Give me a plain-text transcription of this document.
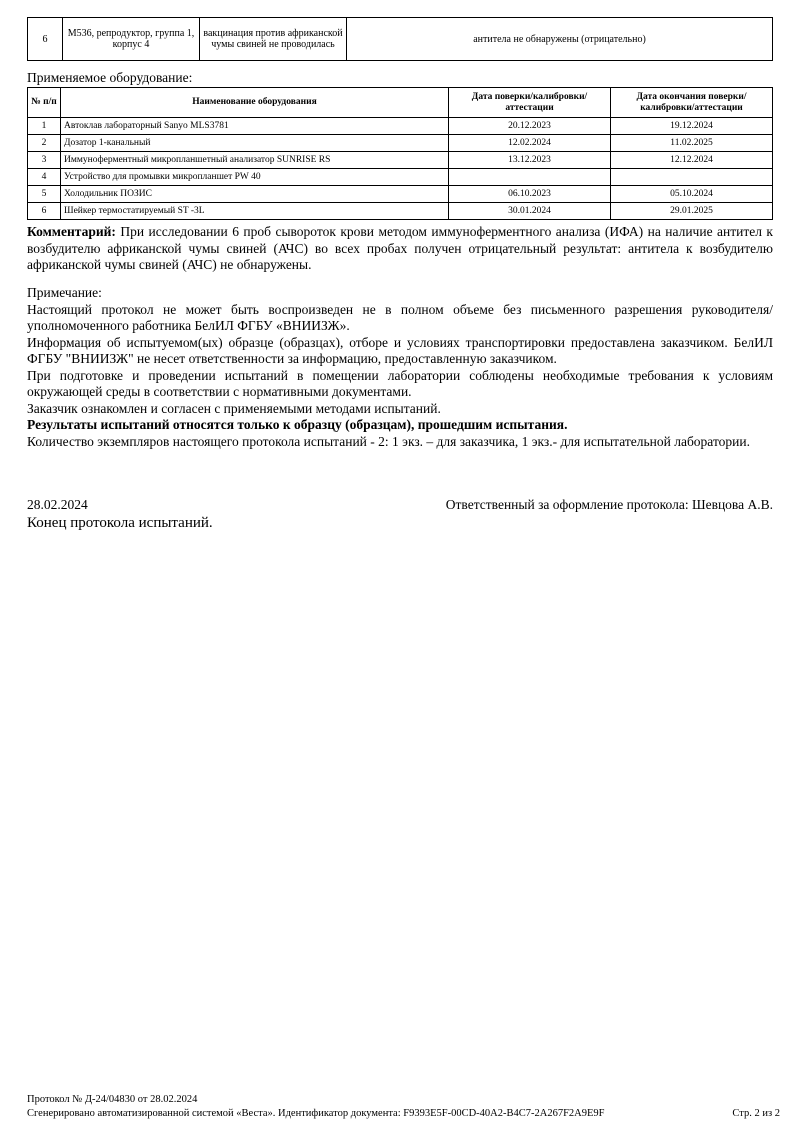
6	М536, репродуктор, группа 1, корпус 4	вакцинация против африканской чумы свиней не проводилась	антитела не обнаружены (отрицательно)
Применяемое оборудование:
№ п/п	Наименование оборудования	Дата поверки/калибровки/аттестации	Дата окончания поверки/калибровки/аттестации
1	Автоклав лабораторный Sanyo MLS3781	20.12.2023	19.12.2024
2	Дозатор 1-канальный	12.02.2024	11.02.2025
3	Иммуноферментный микропланшетный анализатор SUNRISE RS	13.12.2023	12.12.2024
4	Устройство для промывки микропланшет PW 40		
5	Холодильник ПОЗИС	06.10.2023	05.10.2024
6	Шейкер термостатируемый ST -3L	30.01.2024	29.01.2025
Комментарий: При исследовании 6 проб сывороток крови методом иммуноферментного анализа (ИФА) на наличие антител к возбудителю африканской чумы свиней (АЧС) во всех пробах получен отрицательный результат: антитела к возбудителю африканской чумы свиней (АЧС) не обнаружены.

Примечание:

Настоящий протокол не может быть воспроизведен не в полном объеме без письменного разрешения руководителя/уполномоченного работника БелИЛ ФГБУ «ВНИИЗЖ».

Информация об испытуемом(ых) образце (образцах), отборе и условиях транспортировки предоставлена заказчиком. БелИЛ ФГБУ "ВНИИЗЖ" не несет ответственности за информацию, предоставленную заказчиком.

При подготовке и проведении испытаний в помещении лаборатории соблюдены необходимые требования к условиям окружающей среды в соответствии с нормативными документами.

Заказчик ознакомлен и согласен с применяемыми методами испытаний.

Результаты испытаний относятся только к образцу (образцам), прошедшим испытания.

Количество экземпляров настоящего протокола испытаний - 2: 1 экз. – для заказчика, 1 экз.- для испытательной лаборатории.

28.02.2024	Ответственный за оформление протокола: Шевцова А.В.
Конец протокола испытаний.
Протокол № Д-24/04830 от 28.02.2024
Сгенерировано автоматизированной системой «Веста». Идентификатор документа: F9393E5F-00CD-40A2-B4C7-2A267F2A9E9F	Стр. 2 из 2
